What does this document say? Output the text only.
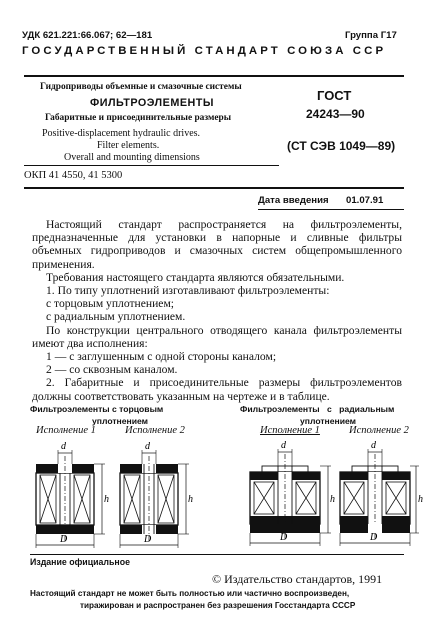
УДК 621.221:66.067; 62—181	Группа Г17
ГОСУДАРСТВЕННЫЙ СТАНДАРТ СОЮЗА ССР
Гидроприводы объемные и смазочные системы
ФИЛЬТРОЭЛЕМЕНТЫ
Габаритные и присоединительные размеры
Positive-displacement hydraulic drives.
Filter elements.
Overall and mounting dimensions
ОКП 41 4550, 41 5300
ГОСТ
24243—90
(СТ СЭВ 1049—89)
Дата введения 01.07.91

Настоящий стандарт распространяется на фильтроэлементы, предназначенные для установки в напорные и сливные фильтры объемных гидроприводов и смазочных систем общепромышленного применения.

Требования настоящего стандарта являются обязательными.

1. По типу уплотнений изготавливают фильтроэлементы:

с торцовым уплотнением;

с радиальным уплотнением.

По конструкции центрального отводящего канала фильтроэлементы имеют два исполнения:

1 — с заглушенным с одной стороны каналом;

2 — со сквозным каналом.

2. Габаритные и присоединительные размеры фильтроэлементов должны соответствовать указанным на чертеже и в таблице.

Фильтроэлементы с торцовым
уплотнением
Фильтроэлементы с радиальным
уплотнением
Исполнение 1	Исполнение 2	Исполнение 1	Исполнение 2
d	d	d	d
h	h	h	h
D	D	D	D
Издание официальное
© Издательство стандартов, 1991
Настоящий стандарт не может быть полностью или частично воспроизведен,
тиражирован и распространен без разрешения Госстандарта СССР
